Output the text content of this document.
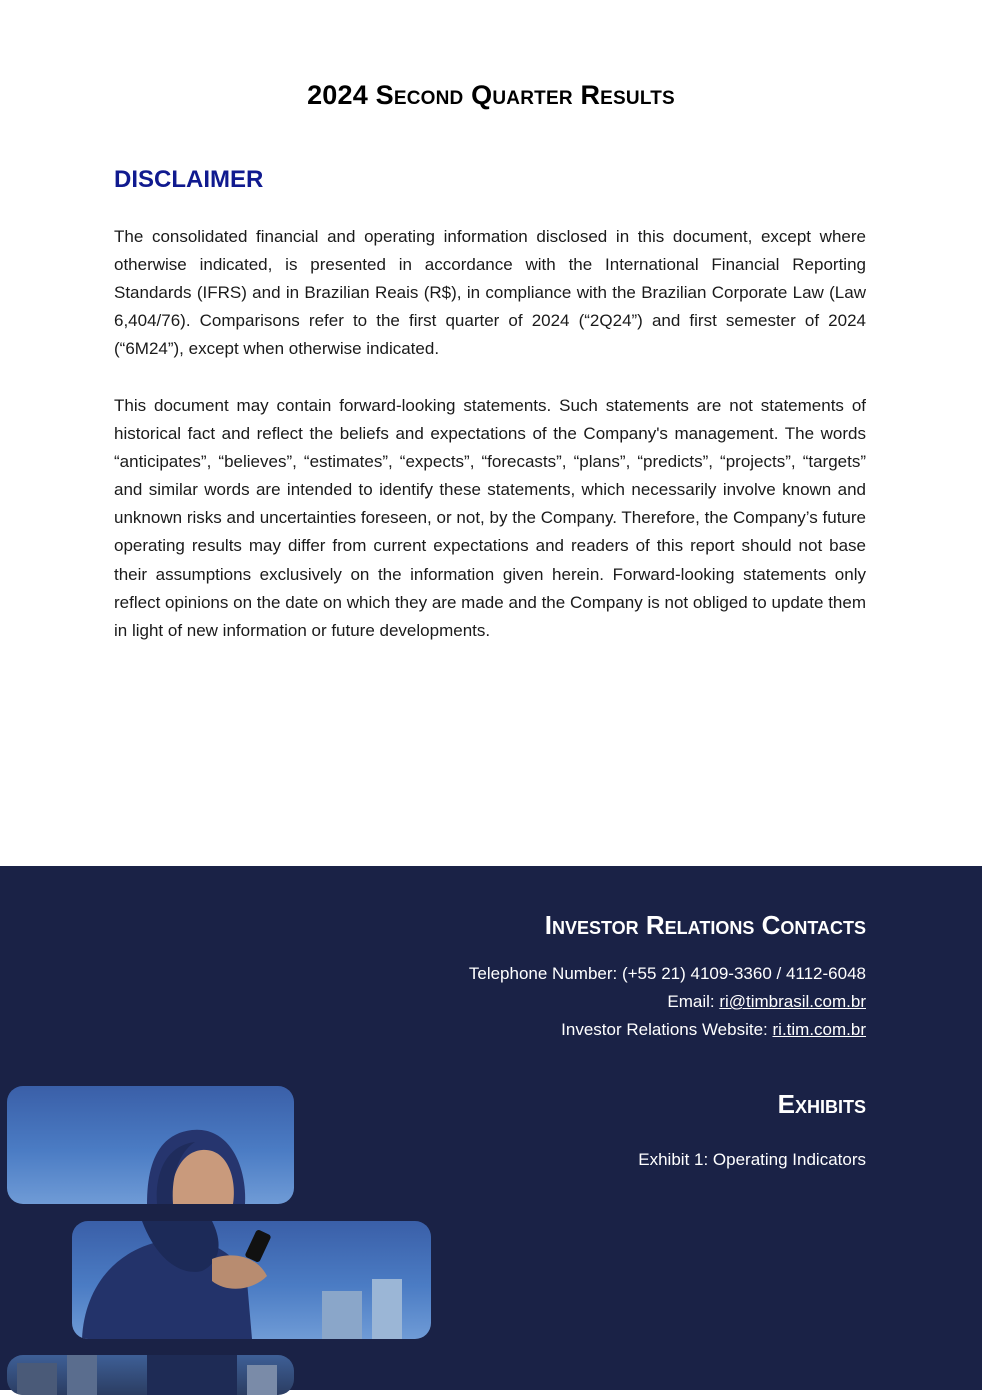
2024 Second Quarter Results
DISCLAIMER

The consolidated financial and operating information disclosed in this document, except where otherwise indicated, is presented in accordance with the International Financial Reporting Standards (IFRS) and in Brazilian Reais (R$), in compliance with the Brazilian Corporate Law (Law 6,404/76). Comparisons refer to the first quarter of 2024 (“2Q24”) and first semester of 2024 (“6M24”), except when otherwise indicated.

This document may contain forward-looking statements. Such statements are not statements of historical fact and reflect the beliefs and expectations of the Company's management. The words “anticipates”, “believes”, “estimates”, “expects”, “forecasts”, “plans”, “predicts”, “projects”, “targets” and similar words are intended to identify these statements, which necessarily involve known and unknown risks and uncertainties foreseen, or not, by the Company. Therefore, the Company’s future operating results may differ from current expectations and readers of this report should not base their assumptions exclusively on the information given herein. Forward-looking statements only reflect opinions on the date on which they are made and the Company is not obliged to update them in light of new information or future developments.

Investor Relations Contacts
Telephone Number: (+55 21) 4109-3360 / 4112-6048
Email: ri@timbrasil.com.br
Investor Relations Website: ri.tim.com.br
Exhibits
Exhibit 1: Operating Indicators
